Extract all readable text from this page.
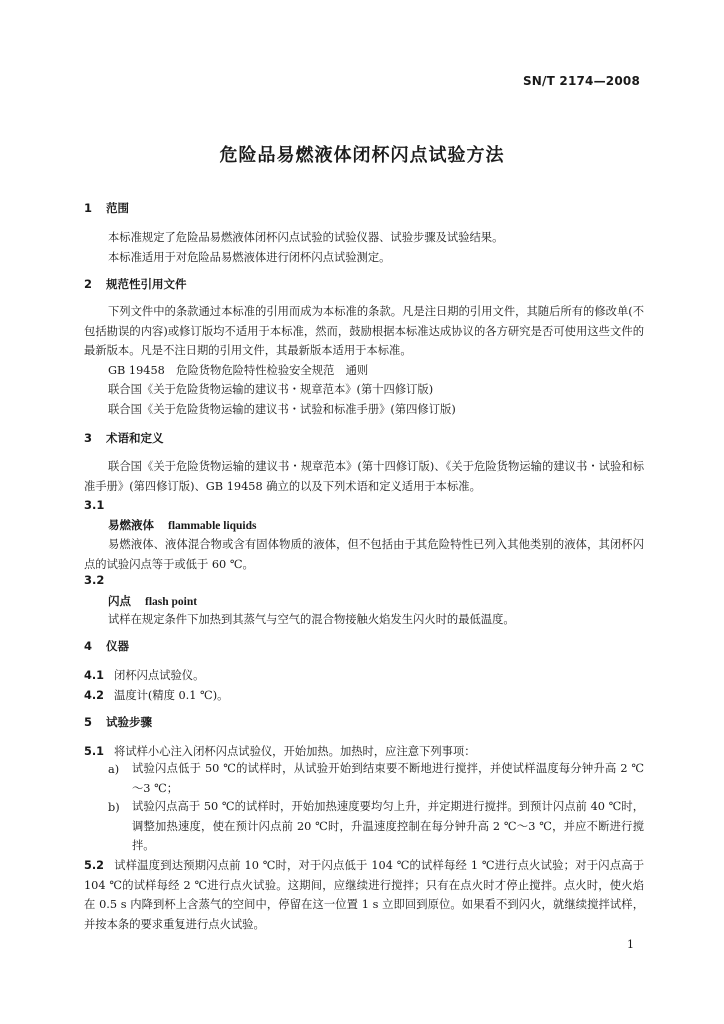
SN/T 2174—2008
危险品易燃液体闭杯闪点试验方法
1 范围
本标准规定了危险品易燃液体闭杯闪点试验的试验仪器、试验步骤及试验结果。
本标准适用于对危险品易燃液体进行闭杯闪点试验测定。
2 规范性引用文件
下列文件中的条款通过本标准的引用而成为本标准的条款。凡是注日期的引用文件，其随后所有的修改单(不包括勘误的内容)或修订版均不适用于本标准，然而，鼓励根据本标准达成协议的各方研究是否可使用这些文件的最新版本。凡是不注日期的引用文件，其最新版本适用于本标准。
GB 19458　危险货物危险特性检验安全规范　通则
联合国《关于危险货物运输的建议书・规章范本》(第十四修订版)
联合国《关于危险货物运输的建议书・试验和标准手册》(第四修订版)
3 术语和定义
联合国《关于危险货物运输的建议书・规章范本》(第十四修订版)、《关于危险货物运输的建议书・试验和标准手册》(第四修订版)、GB 19458 确立的以及下列术语和定义适用于本标准。
3.1
易燃液体 flammable liquids
易燃液体、液体混合物或含有固体物质的液体，但不包括由于其危险特性已列入其他类别的液体，其闭杯闪点的试验闪点等于或低于 60 ℃。
3.2
闪点 flash point
试样在规定条件下加热到其蒸气与空气的混合物接触火焰发生闪火时的最低温度。
4 仪器
4.1 闭杯闪点试验仪。
4.2 温度计(精度 0.1 ℃)。
5 试验步骤
5.1 将试样小心注入闭杯闪点试验仪，开始加热。加热时，应注意下列事项：
a) 试验闪点低于 50 ℃的试样时，从试验开始到结束要不断地进行搅拌，并使试样温度每分钟升高 2 ℃～3 ℃；
b) 试验闪点高于 50 ℃的试样时，开始加热速度要均匀上升，并定期进行搅拌。到预计闪点前 40 ℃时，调整加热速度，使在预计闪点前 20 ℃时，升温速度控制在每分钟升高 2 ℃～3 ℃，并应不断进行搅拌。
5.2 试样温度到达预期闪点前 10 ℃时，对于闪点低于 104 ℃的试样每经 1 ℃进行点火试验；对于闪点高于 104 ℃的试样每经 2 ℃进行点火试验。这期间，应继续进行搅拌；只有在点火时才停止搅拌。点火时，使火焰在 0.5 s 内降到杯上含蒸气的空间中，停留在这一位置 1 s 立即回到原位。如果看不到闪火，就继续搅拌试样，并按本条的要求重复进行点火试验。
1
